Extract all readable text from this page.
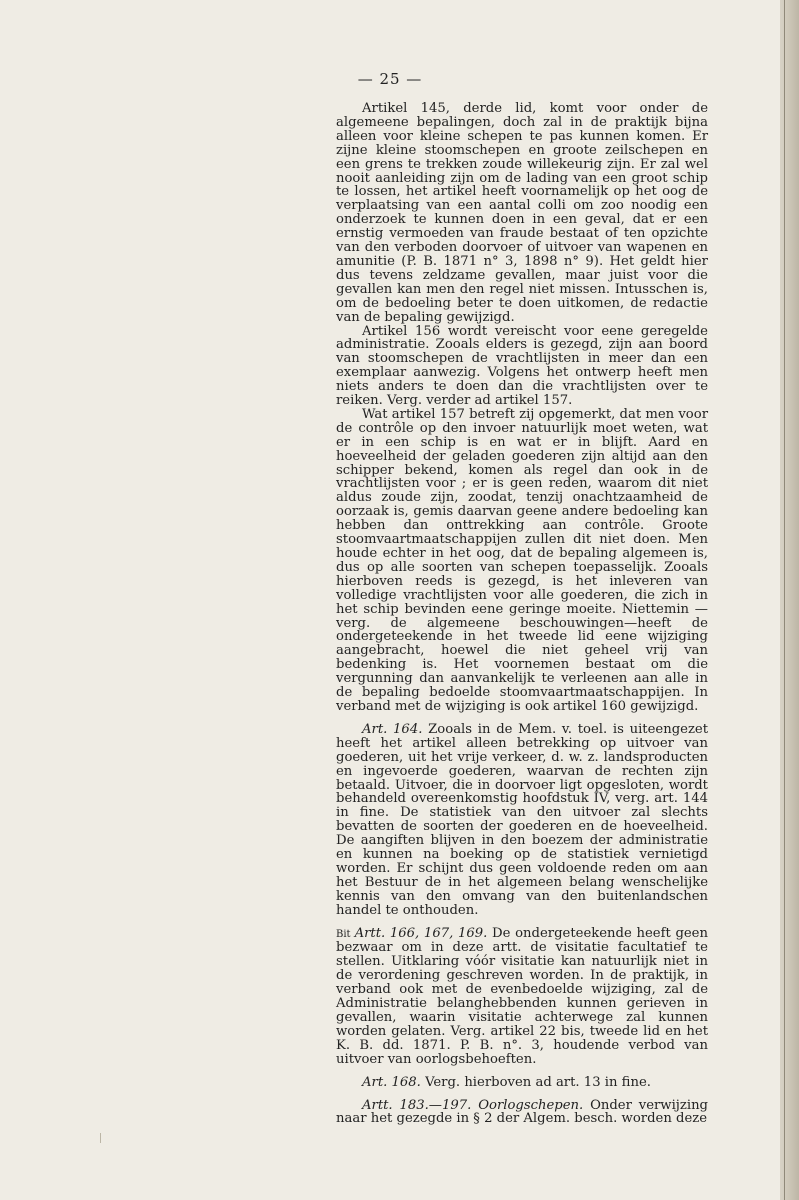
— 25 —

Artikel 145, derde lid, komt voor onder de algemeene bepalingen, doch zal in de praktijk bijna alleen voor kleine schepen te pas kunnen komen. Er zijne kleine stoomschepen en groote zeilschepen en een grens te trekken zoude willekeurig zijn. Er zal wel nooit aanleiding zijn om de lading van een groot schip te lossen, het artikel heeft voornamelijk op het oog de verplaatsing van een aantal colli om zoo noodig een onderzoek te kunnen doen in een geval, dat er een ernstig vermoeden van fraude bestaat of ten opzichte van den verboden doorvoer of uitvoer van wapenen en amunitie (P. B. 1871 n° 3, 1898 n° 9). Het geldt hier dus tevens zeldzame gevallen, maar juist voor die gevallen kan men den regel niet missen. Intusschen is, om de bedoeling beter te doen uitkomen, de redactie van de bepaling gewijzigd.

Artikel 156 wordt vereischt voor eene geregelde administratie. Zooals elders is gezegd, zijn aan boord van stoomschepen de vrachtlijsten in meer dan een exemplaar aanwezig. Volgens het ontwerp heeft men niets anders te doen dan die vrachtlijsten over te reiken. Verg. verder ad artikel 157.

Wat artikel 157 betreft zij opgemerkt, dat men voor de contrôle op den invoer natuurlijk moet weten, wat er in een schip is en wat er in blijft. Aard en hoeveelheid der geladen goederen zijn altijd aan den schipper bekend, komen als regel dan ook in de vrachtlijsten voor ; er is geen reden, waarom dit niet aldus zoude zijn, zoodat, tenzij onachtzaamheid de oorzaak is, gemis daarvan geene andere bedoeling kan hebben dan onttrekking aan contrôle. Groote stoomvaartmaatschappijen zullen dit niet doen. Men houde echter in het oog, dat de bepaling algemeen is, dus op alle soorten van schepen toepasselijk. Zooals hierboven reeds is gezegd, is het inleveren van volledige vrachtlijsten voor alle goederen, die zich in het schip bevinden eene geringe moeite. Niettemin — verg. de algemeene beschouwingen—heeft de ondergeteekende in het tweede lid eene wijziging aangebracht, hoewel die niet geheel vrij van bedenking is. Het voornemen bestaat om die vergunning dan aanvankelijk te verleenen aan alle in de bepaling bedoelde stoomvaartmaatschappijen. In verband met de wijziging is ook artikel 160 gewijzigd.

Art. 164. Zooals in de Mem. v. toel. is uiteengezet heeft het artikel alleen betrekking op uitvoer van goederen, uit het vrije verkeer, d. w. z. landsproducten en ingevoerde goederen, waarvan de rechten zijn betaald. Uitvoer, die in doorvoer ligt opgesloten, wordt behandeld overeenkomstig hoofdstuk IV, verg. art. 144 in fine. De statistiek van den uitvoer zal slechts bevatten de soorten der goederen en de hoeveelheid. De aangiften blijven in den boezem der administratie en kunnen na boeking op de statistiek vernietigd worden. Er schijnt dus geen voldoende reden om aan het Bestuur de in het algemeen belang wenschelijke kennis van den omvang van den buitenlandschen handel te onthouden.

Bit Artt. 166, 167, 169. De ondergeteekende heeft geen bezwaar om in deze artt. de visitatie facultatief te stellen. Uitklaring vóór visitatie kan natuurlijk niet in de verordening geschreven worden. In de praktijk, in verband ook met de evenbedoelde wijziging, zal de Administratie belanghebbenden kunnen gerieven in gevallen, waarin visitatie achterwege zal kunnen worden gelaten. Verg. artikel 22 bis, tweede lid en het K. B. dd. 1871. P. B. n°. 3, houdende verbod van uitvoer van oorlogsbehoeften.

Art. 168. Verg. hierboven ad art. 13 in fine.

Artt. 183.—197. Oorlogschepen. Onder verwijzing naar het gezegde in § 2 der Algem. besch. worden deze
